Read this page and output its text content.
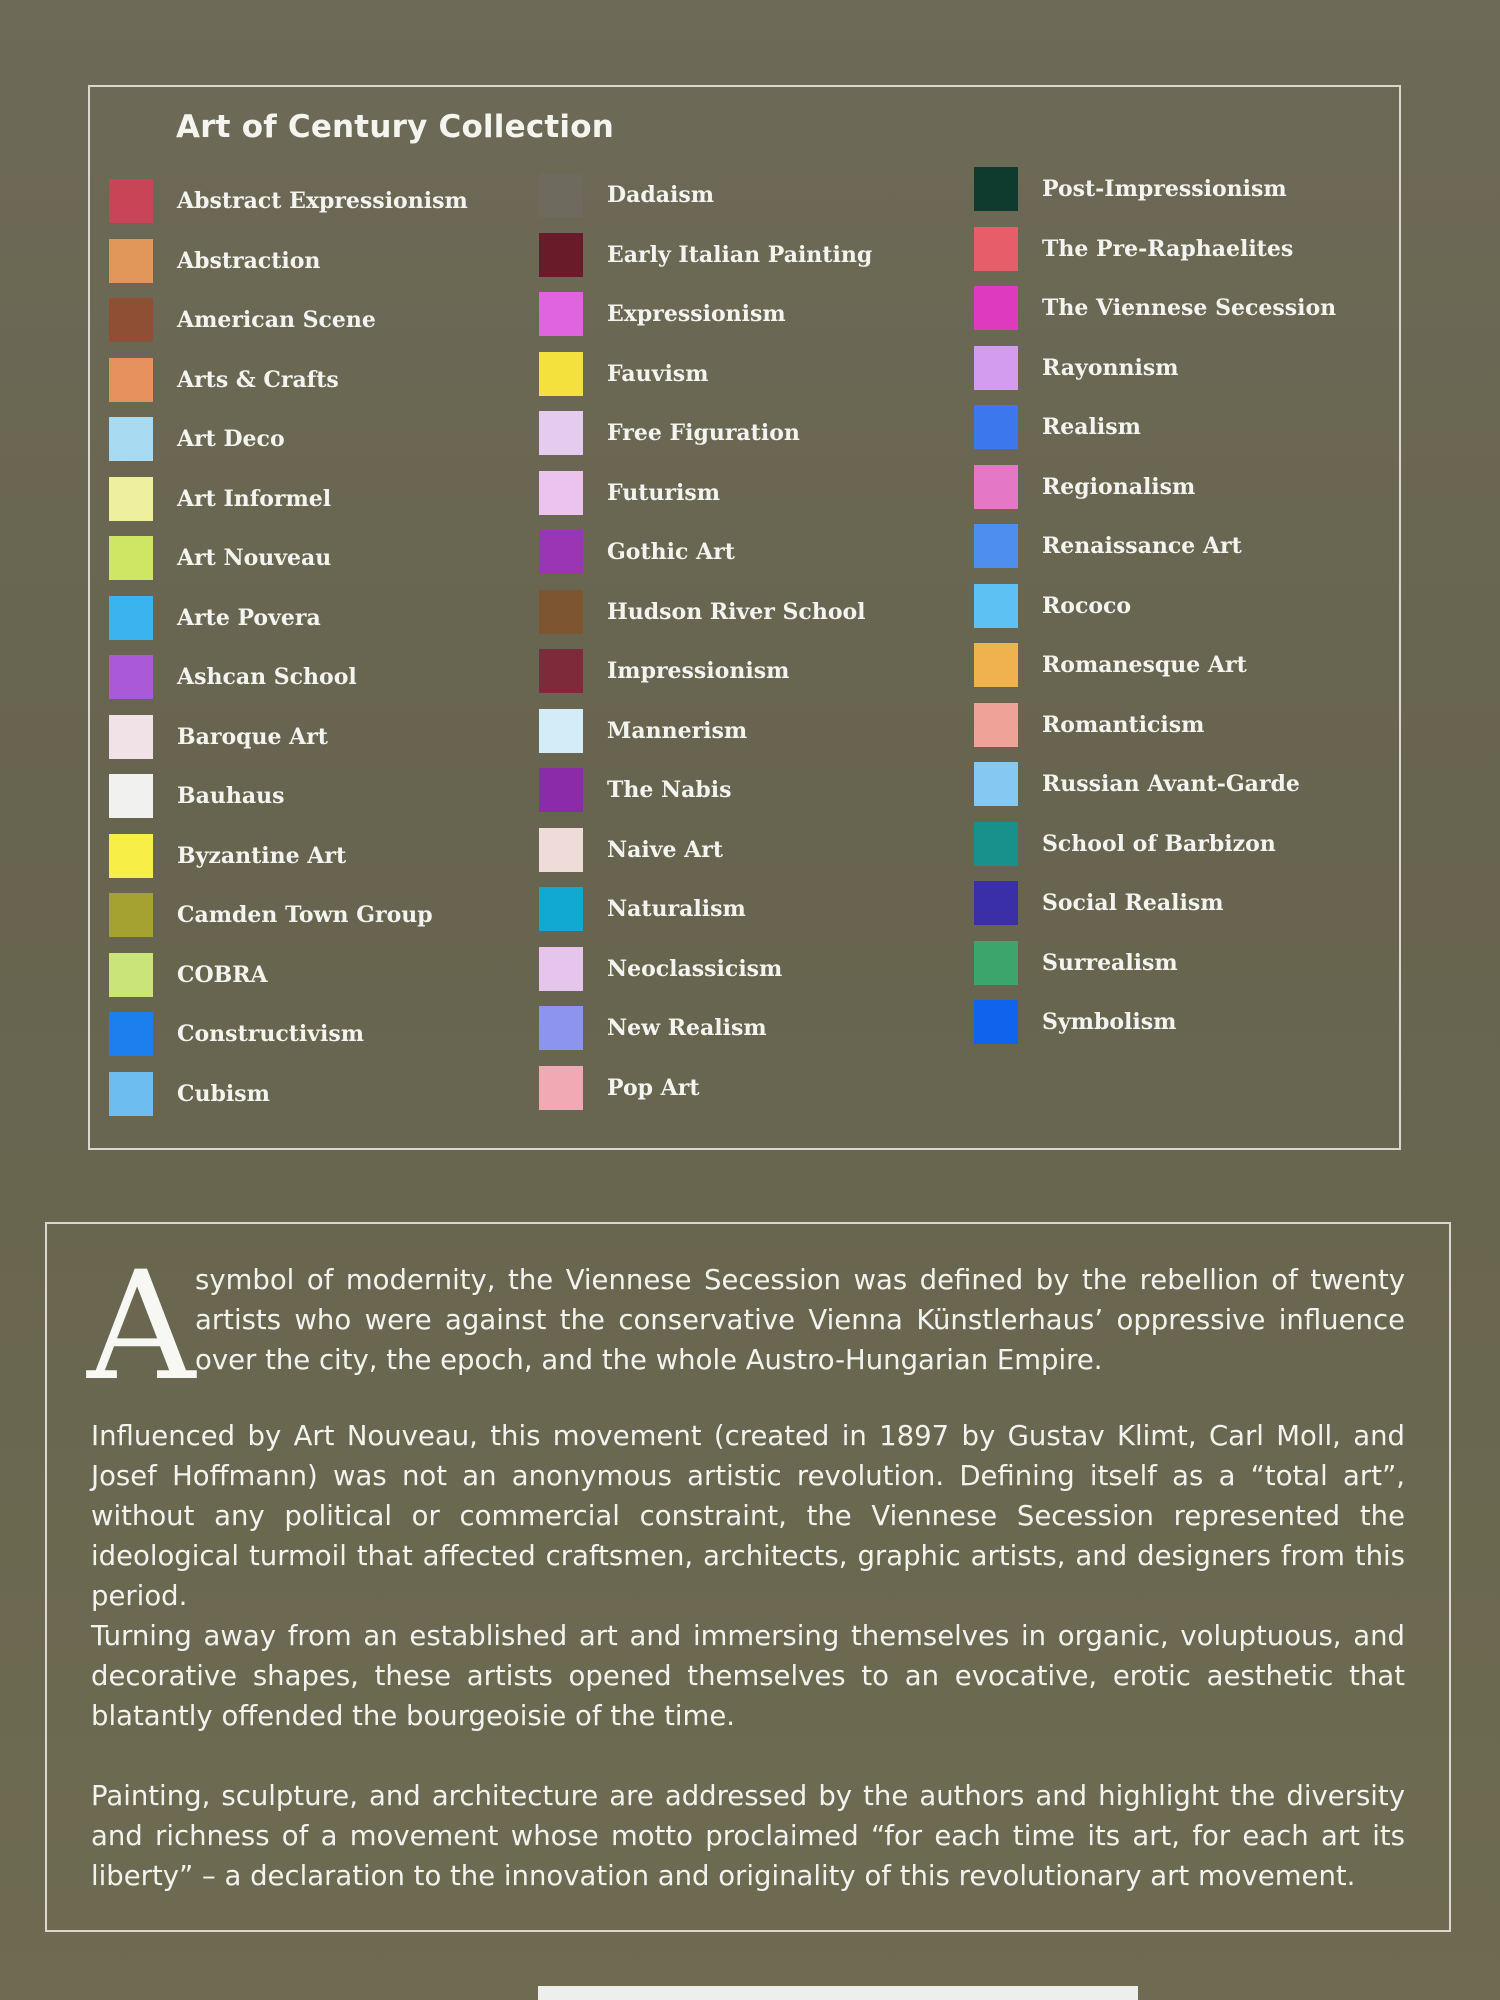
Art of Century Collection
Abstract Expressionism
Abstraction
American Scene
Arts & Crafts
Art Deco
Art Informel
Art Nouveau
Arte Povera
Ashcan School
Baroque Art
Bauhaus
Byzantine Art
Camden Town Group
COBRA
Constructivism
Cubism
Dadaism
Early Italian Painting
Expressionism
Fauvism
Free Figuration
Futurism
Gothic Art
Hudson River School
Impressionism
Mannerism
The Nabis
Naive Art
Naturalism
Neoclassicism
New Realism
Pop Art
Post-Impressionism
The Pre-Raphaelites
The Viennese Secession
Rayonnism
Realism
Regionalism
Renaissance Art
Rococo
Romanesque Art
Romanticism
Russian Avant-Garde
School of Barbizon
Social Realism
Surrealism
Symbolism
A symbol of modernity, the Viennese Secession was defined by the rebellion of twenty artists who were against the conservative Vienna Künstlerhaus’ oppressive influence over the city, the epoch, and the whole Austro-Hungarian Empire.

Influenced by Art Nouveau, this movement (created in 1897 by Gustav Klimt, Carl Moll, and Josef Hoffmann) was not an anonymous artistic revolution. Defining itself as a “total art”, without any political or commercial constraint, the Viennese Secession represented the ideological turmoil that affected craftsmen, architects, graphic artists, and designers from this period.

Turning away from an established art and immersing themselves in organic, voluptuous, and decorative shapes, these artists opened themselves to an evocative, erotic aesthetic that blatantly offended the bourgeoisie of the time.

Painting, sculpture, and architecture are addressed by the authors and highlight the diversity and richness of a movement whose motto proclaimed “for each time its art, for each art its liberty” – a declaration to the innovation and originality of this revolutionary art movement.
